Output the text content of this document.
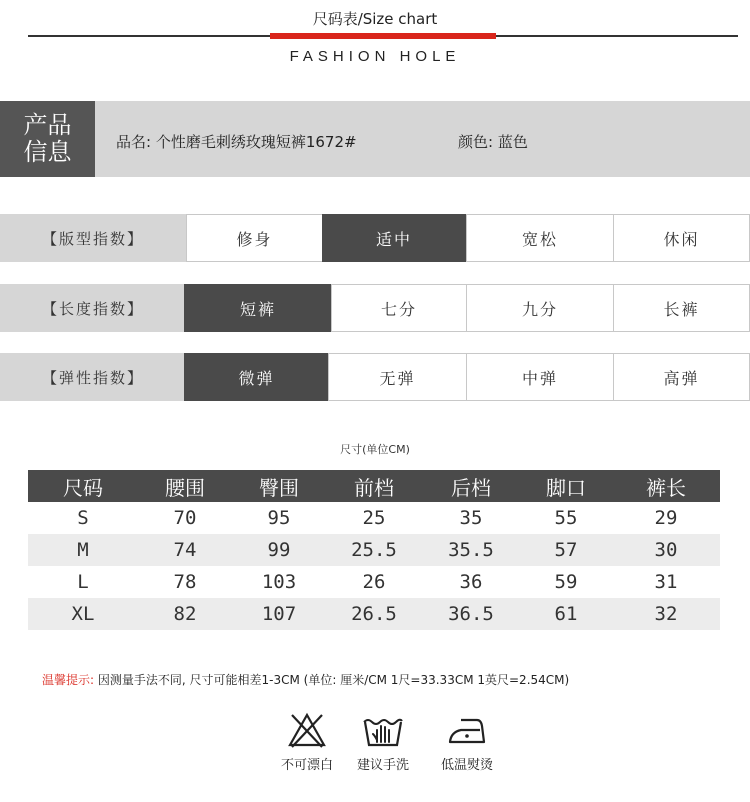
尺码表/Size chart
FASHION HOLE
产品
信息	品名: 个性磨毛刺绣玫瑰短裤1672#	颜色: 蓝色
【版型指数】	修身	适中	宽松	休闲
【长度指数】	短裤	七分	九分	长裤
【弹性指数】	微弹	无弹	中弹	高弹
尺寸(单位CM)
尺码	腰围	臀围	前档	后档	脚口	裤长
S	70	95	25	35	55	29
M	74	99	25.5	35.5	57	30
L	78	103	26	36	59	31
XL	82	107	26.5	36.5	61	32
温馨提示: 因测量手法不同, 尺寸可能相差1-3CM (单位: 厘米/CM 1尺=33.33CM 1英尺=2.54CM)
不可漂白	建议手洗	低温熨烫
